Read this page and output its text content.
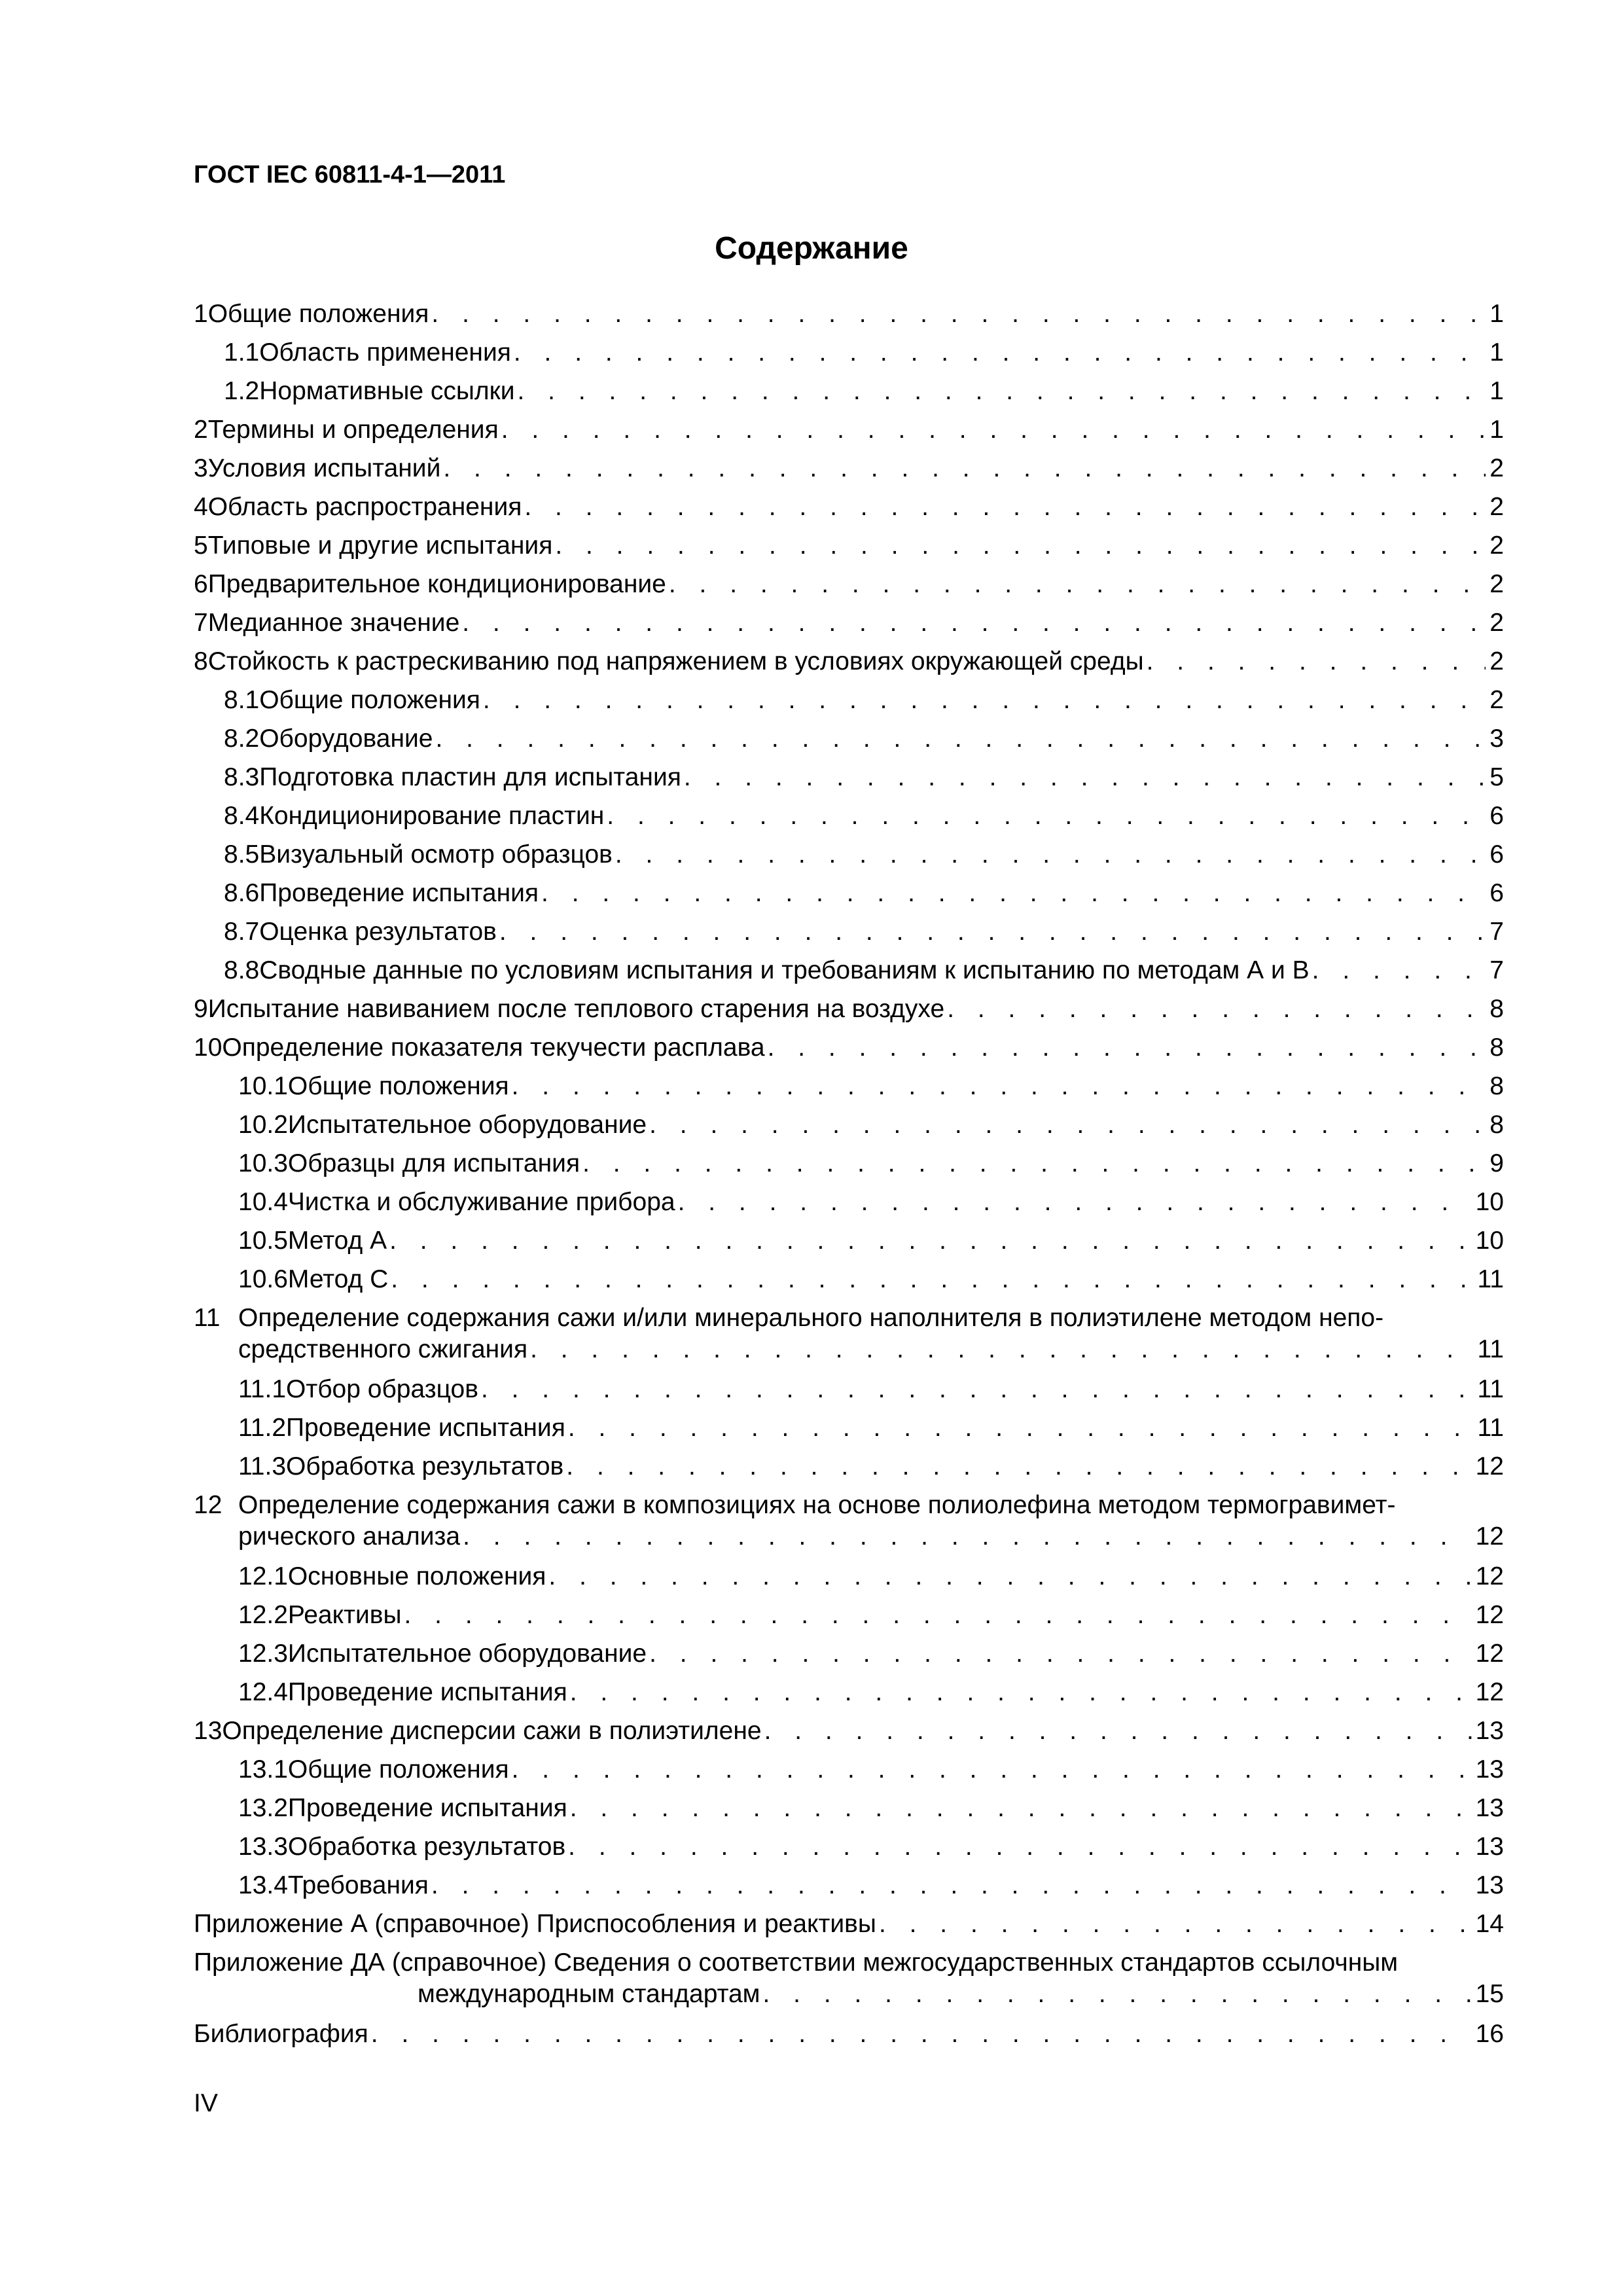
ГОСТ IEC 60811-4-1—2011
Содержание
1 Общие положения . . .	1
1.1 Область применения . . .	1
1.2 Нормативные ссылки . . .	1
2 Термины и определения . . .	1
3 Условия испытаний . . .	2
4 Область распространения . . .	2
5 Типовые и другие испытания . . .	2
6 Предварительное кондиционирование . . .	2
7 Медианное значение . . .	2
8 Стойкость к растрескиванию под напряжением в условиях окружающей среды . . .	2
8.1 Общие положения . . .	2
8.2 Оборудование . . .	3
8.3 Подготовка пластин для испытания . . .	5
8.4 Кондиционирование пластин . . .	6
8.5 Визуальный осмотр образцов . . .	6
8.6 Проведение испытания . . .	6
8.7 Оценка результатов . . .	7
8.8 Сводные данные по условиям испытания и требованиям к испытанию по методам А и В . . .	7
9 Испытание навиванием после теплового старения на воздухе . . .	8
10 Определение показателя текучести расплава . . .	8
10.1 Общие положения . . .	8
10.2 Испытательное оборудование . . .	8
10.3 Образцы для испытания . . .	9
10.4 Чистка и обслуживание прибора . . .	10
10.5 Метод А . . .	10
10.6 Метод С . . .	11
11 Определение содержания сажи и/или минерального наполнителя в полиэтилене методом непо-
средственного сжигания . . .	11
11.1 Отбор образцов . . .	11
11.2 Проведение испытания . . .	11
11.3 Обработка результатов . . .	12
12 Определение содержания сажи в композициях на основе полиолефина методом термогравимет-
рического анализа . . .	12
12.1 Основные положения . . .	12
12.2 Реактивы . . .	12
12.3 Испытательное оборудование . . .	12
12.4 Проведение испытания . . .	12
13 Определение дисперсии сажи в полиэтилене . . .	13
13.1 Общие положения . . .	13
13.2 Проведение испытания . . .	13
13.3 Обработка результатов . . .	13
13.4 Требования . . .	13
Приложение А (справочное) Приспособления и реактивы . . .	14
Приложение ДА (справочное) Сведения о соответствии межгосударственных стандартов ссылочным
международным стандартам . . .	15
Библиография . . .	16
IV
